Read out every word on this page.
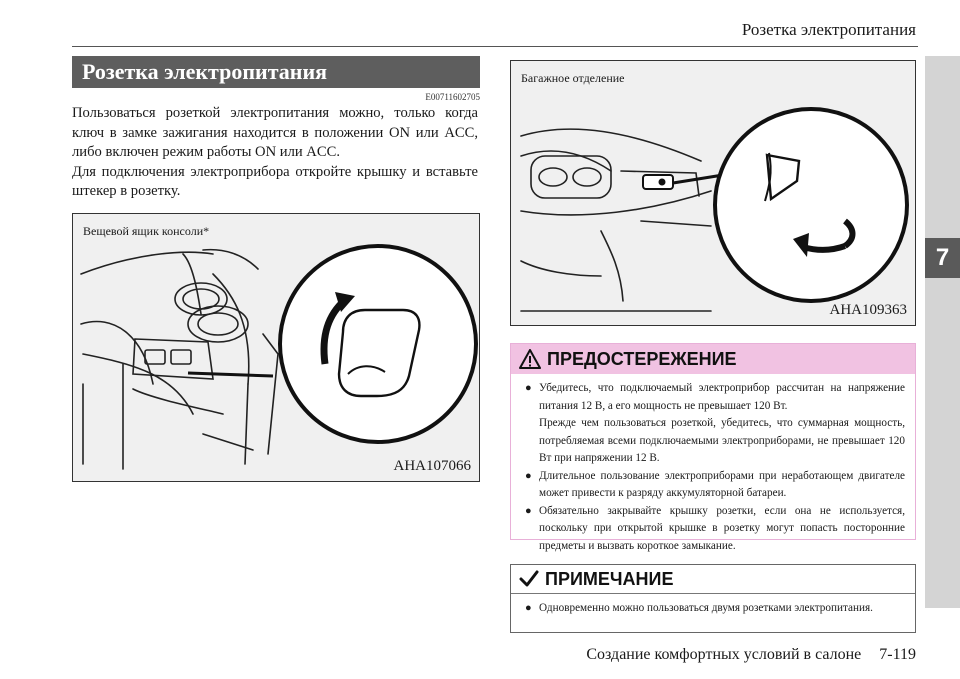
Розетка электропитания
7
Розетка электропитания
E00711602705

Пользоваться розеткой электропитания можно, только когда ключ в замке зажигания находится в положении ON или ACC, либо включен режим работы ON или ACC.

Для подключения электроприбора откройте крышку и вставьте штекер в розетку.

Вещевой ящик консоли*
AHA107066
Багажное отделение
AHA109363
ПРЕДОСТЕРЕЖЕНИЕ
● Убедитесь, что подключаемый электроприбор рассчитан на напряжение питания 12 В, а его мощность не превышает 120 Вт.
Прежде чем пользоваться розеткой, убедитесь, что суммарная мощность, потребляемая всеми подключаемыми электроприборами, не превышает 120 Вт при напряжении 12 В.
● Длительное пользование электроприборами при неработающем двигателе может привести к разряду аккумуляторной батареи.
● Обязательно закрывайте крышку розетки, если она не используется, поскольку при открытой крышке в розетку могут попасть посторонние предметы и вызвать короткое замыкание.
ПРИМЕЧАНИЕ
● Одновременно можно пользоваться двумя розетками электропитания.
Создание комфортных условий в салоне 7-119
